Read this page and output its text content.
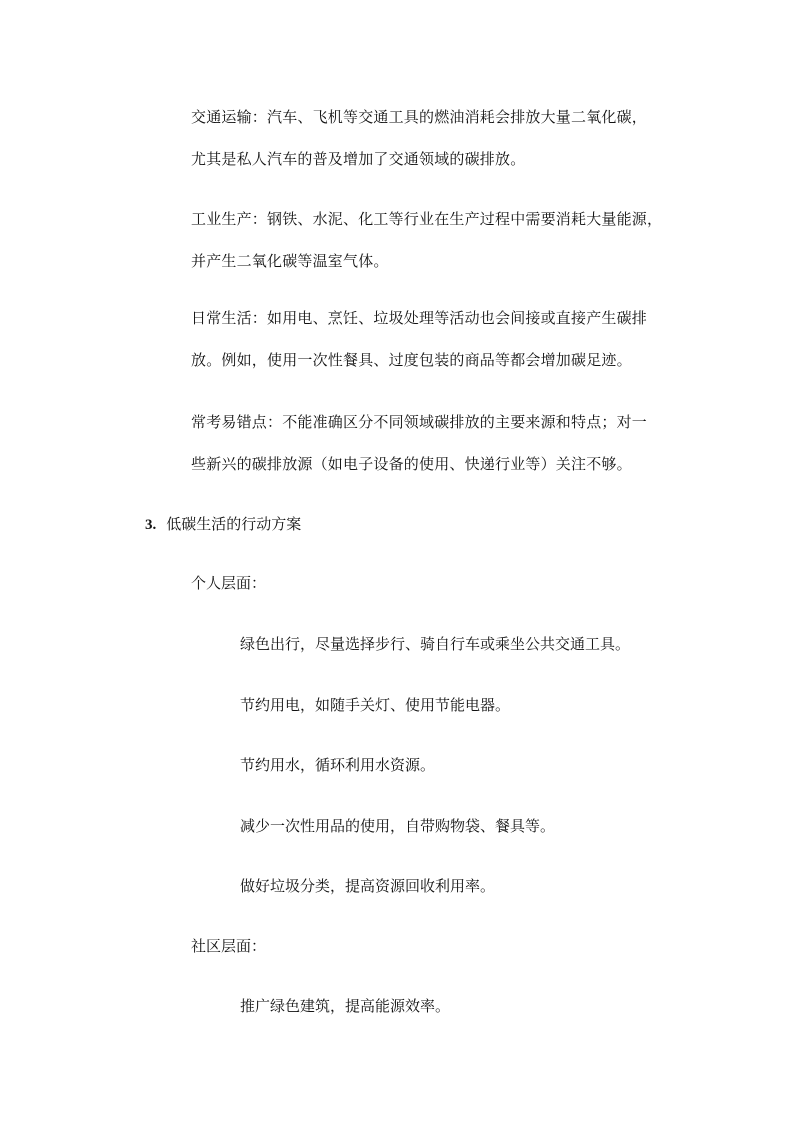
交通运输：汽车、飞机等交通工具的燃油消耗会排放大量二氧化碳，
尤其是私人汽车的普及增加了交通领域的碳排放。
工业生产：钢铁、水泥、化工等行业在生产过程中需要消耗大量能源，
并产生二氧化碳等温室气体。
日常生活：如用电、烹饪、垃圾处理等活动也会间接或直接产生碳排
放。例如，使用一次性餐具、过度包装的商品等都会增加碳足迹。
常考易错点：不能准确区分不同领域碳排放的主要来源和特点；对一
些新兴的碳排放源（如电子设备的使用、快递行业等）关注不够。
3. 低碳生活的行动方案
个人层面：
绿色出行，尽量选择步行、骑自行车或乘坐公共交通工具。
节约用电，如随手关灯、使用节能电器。
节约用水，循环利用水资源。
减少一次性用品的使用，自带购物袋、餐具等。
做好垃圾分类，提高资源回收利用率。
社区层面：
推广绿色建筑，提高能源效率。
